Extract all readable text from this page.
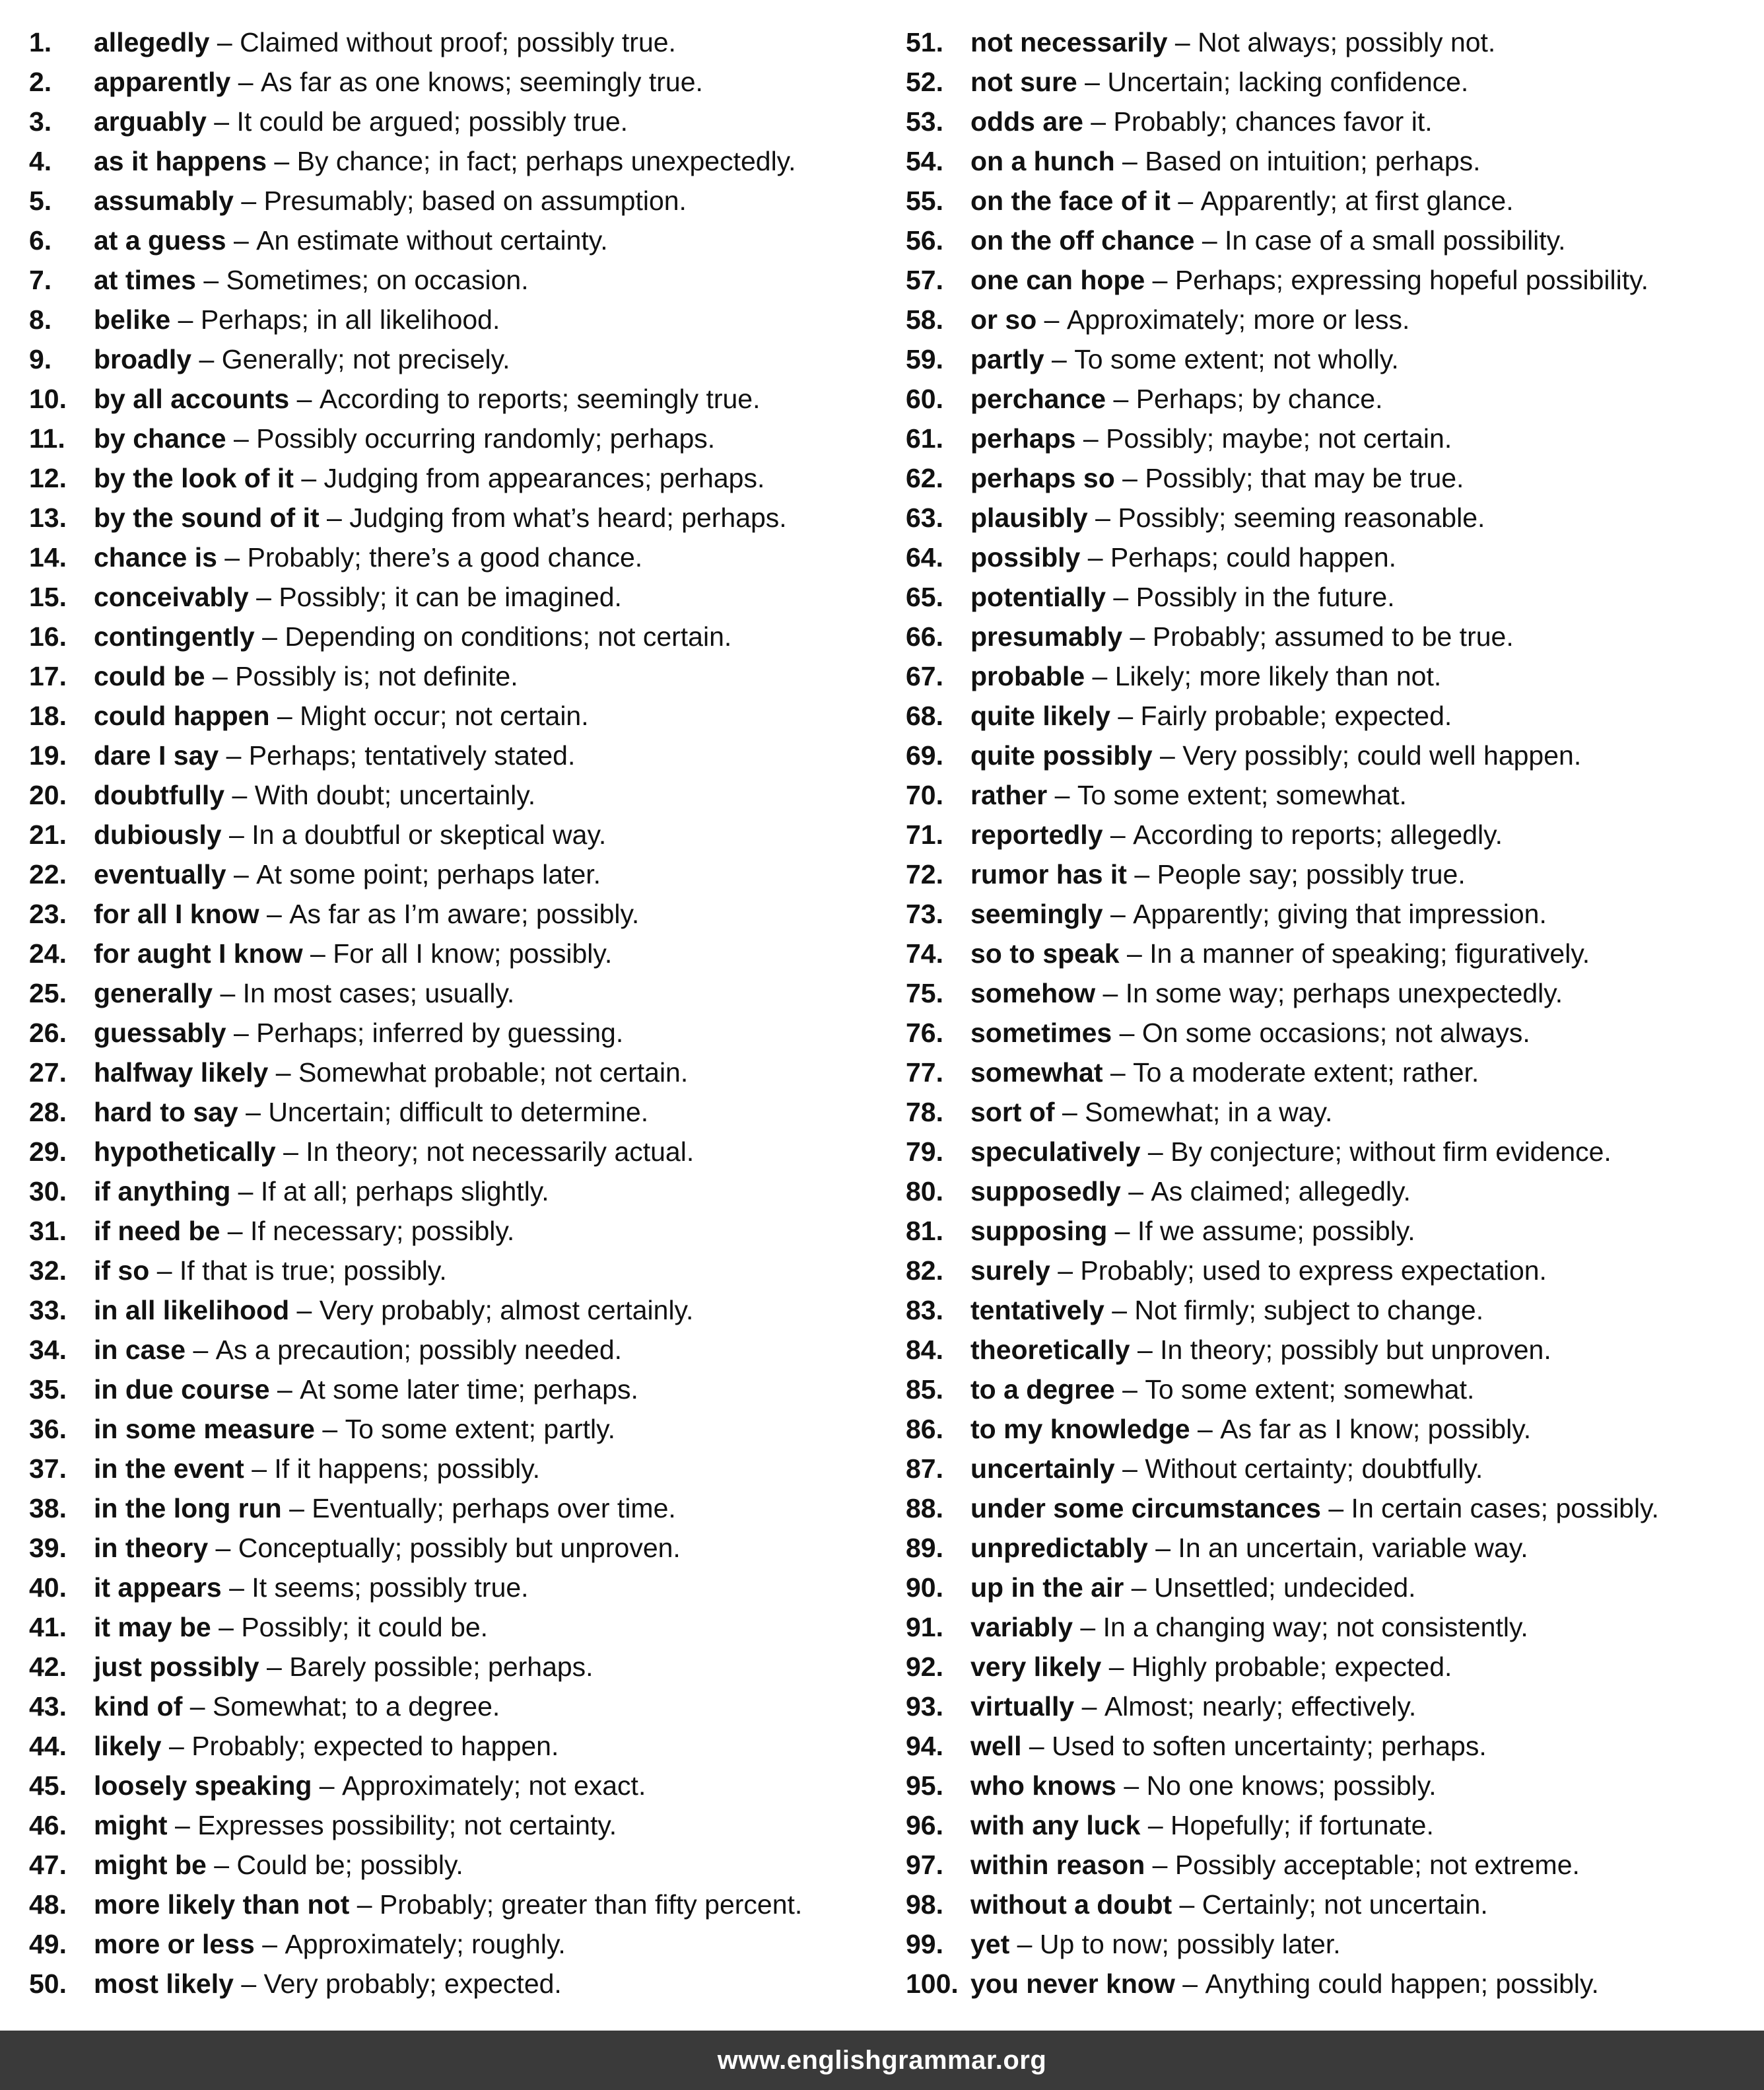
1.	allegedly – Claimed without proof; possibly true.
2.	apparently – As far as one knows; seemingly true.
3.	arguably – It could be argued; possibly true.
4.	as it happens – By chance; in fact; perhaps unexpectedly.
5.	assumably – Presumably; based on assumption.
6.	at a guess – An estimate without certainty.
7.	at times – Sometimes; on occasion.
8.	belike – Perhaps; in all likelihood.
9.	broadly – Generally; not precisely.
10.	by all accounts – According to reports; seemingly true.
11.	by chance – Possibly occurring randomly; perhaps.
12.	by the look of it – Judging from appearances; perhaps.
13.	by the sound of it – Judging from what’s heard; perhaps.
14.	chance is – Probably; there’s a good chance.
15.	conceivably – Possibly; it can be imagined.
16.	contingently – Depending on conditions; not certain.
17.	could be – Possibly is; not definite.
18.	could happen – Might occur; not certain.
19.	dare I say – Perhaps; tentatively stated.
20.	doubtfully – With doubt; uncertainly.
21.	dubiously – In a doubtful or skeptical way.
22.	eventually – At some point; perhaps later.
23.	for all I know – As far as I’m aware; possibly.
24.	for aught I know – For all I know; possibly.
25.	generally – In most cases; usually.
26.	guessably – Perhaps; inferred by guessing.
27.	halfway likely – Somewhat probable; not certain.
28.	hard to say – Uncertain; difficult to determine.
29.	hypothetically – In theory; not necessarily actual.
30.	if anything – If at all; perhaps slightly.
31.	if need be – If necessary; possibly.
32.	if so – If that is true; possibly.
33.	in all likelihood – Very probably; almost certainly.
34.	in case – As a precaution; possibly needed.
35.	in due course – At some later time; perhaps.
36.	in some measure – To some extent; partly.
37.	in the event – If it happens; possibly.
38.	in the long run – Eventually; perhaps over time.
39.	in theory – Conceptually; possibly but unproven.
40.	it appears – It seems; possibly true.
41.	it may be – Possibly; it could be.
42.	just possibly – Barely possible; perhaps.
43.	kind of – Somewhat; to a degree.
44.	likely – Probably; expected to happen.
45.	loosely speaking – Approximately; not exact.
46.	might – Expresses possibility; not certainty.
47.	might be – Could be; possibly.
48.	more likely than not – Probably; greater than fifty percent.
49.	more or less – Approximately; roughly.
50.	most likely – Very probably; expected.
51.	not necessarily – Not always; possibly not.
52.	not sure – Uncertain; lacking confidence.
53.	odds are – Probably; chances favor it.
54.	on a hunch – Based on intuition; perhaps.
55.	on the face of it – Apparently; at first glance.
56.	on the off chance – In case of a small possibility.
57.	one can hope – Perhaps; expressing hopeful possibility.
58.	or so – Approximately; more or less.
59.	partly – To some extent; not wholly.
60.	perchance – Perhaps; by chance.
61.	perhaps – Possibly; maybe; not certain.
62.	perhaps so – Possibly; that may be true.
63.	plausibly – Possibly; seeming reasonable.
64.	possibly – Perhaps; could happen.
65.	potentially – Possibly in the future.
66.	presumably – Probably; assumed to be true.
67.	probable – Likely; more likely than not.
68.	quite likely – Fairly probable; expected.
69.	quite possibly – Very possibly; could well happen.
70.	rather – To some extent; somewhat.
71.	reportedly – According to reports; allegedly.
72.	rumor has it – People say; possibly true.
73.	seemingly – Apparently; giving that impression.
74.	so to speak – In a manner of speaking; figuratively.
75.	somehow – In some way; perhaps unexpectedly.
76.	sometimes – On some occasions; not always.
77.	somewhat – To a moderate extent; rather.
78.	sort of – Somewhat; in a way.
79.	speculatively – By conjecture; without firm evidence.
80.	supposedly – As claimed; allegedly.
81.	supposing – If we assume; possibly.
82.	surely – Probably; used to express expectation.
83.	tentatively – Not firmly; subject to change.
84.	theoretically – In theory; possibly but unproven.
85.	to a degree – To some extent; somewhat.
86.	to my knowledge – As far as I know; possibly.
87.	uncertainly – Without certainty; doubtfully.
88.	under some circumstances – In certain cases; possibly.
89.	unpredictably – In an uncertain, variable way.
90.	up in the air – Unsettled; undecided.
91.	variably – In a changing way; not consistently.
92.	very likely – Highly probable; expected.
93.	virtually – Almost; nearly; effectively.
94.	well – Used to soften uncertainty; perhaps.
95.	who knows – No one knows; possibly.
96.	with any luck – Hopefully; if fortunate.
97.	within reason – Possibly acceptable; not extreme.
98.	without a doubt – Certainly; not uncertain.
99.	yet – Up to now; possibly later.
100. you never know – Anything could happen; possibly.
www.englishgrammar.org
